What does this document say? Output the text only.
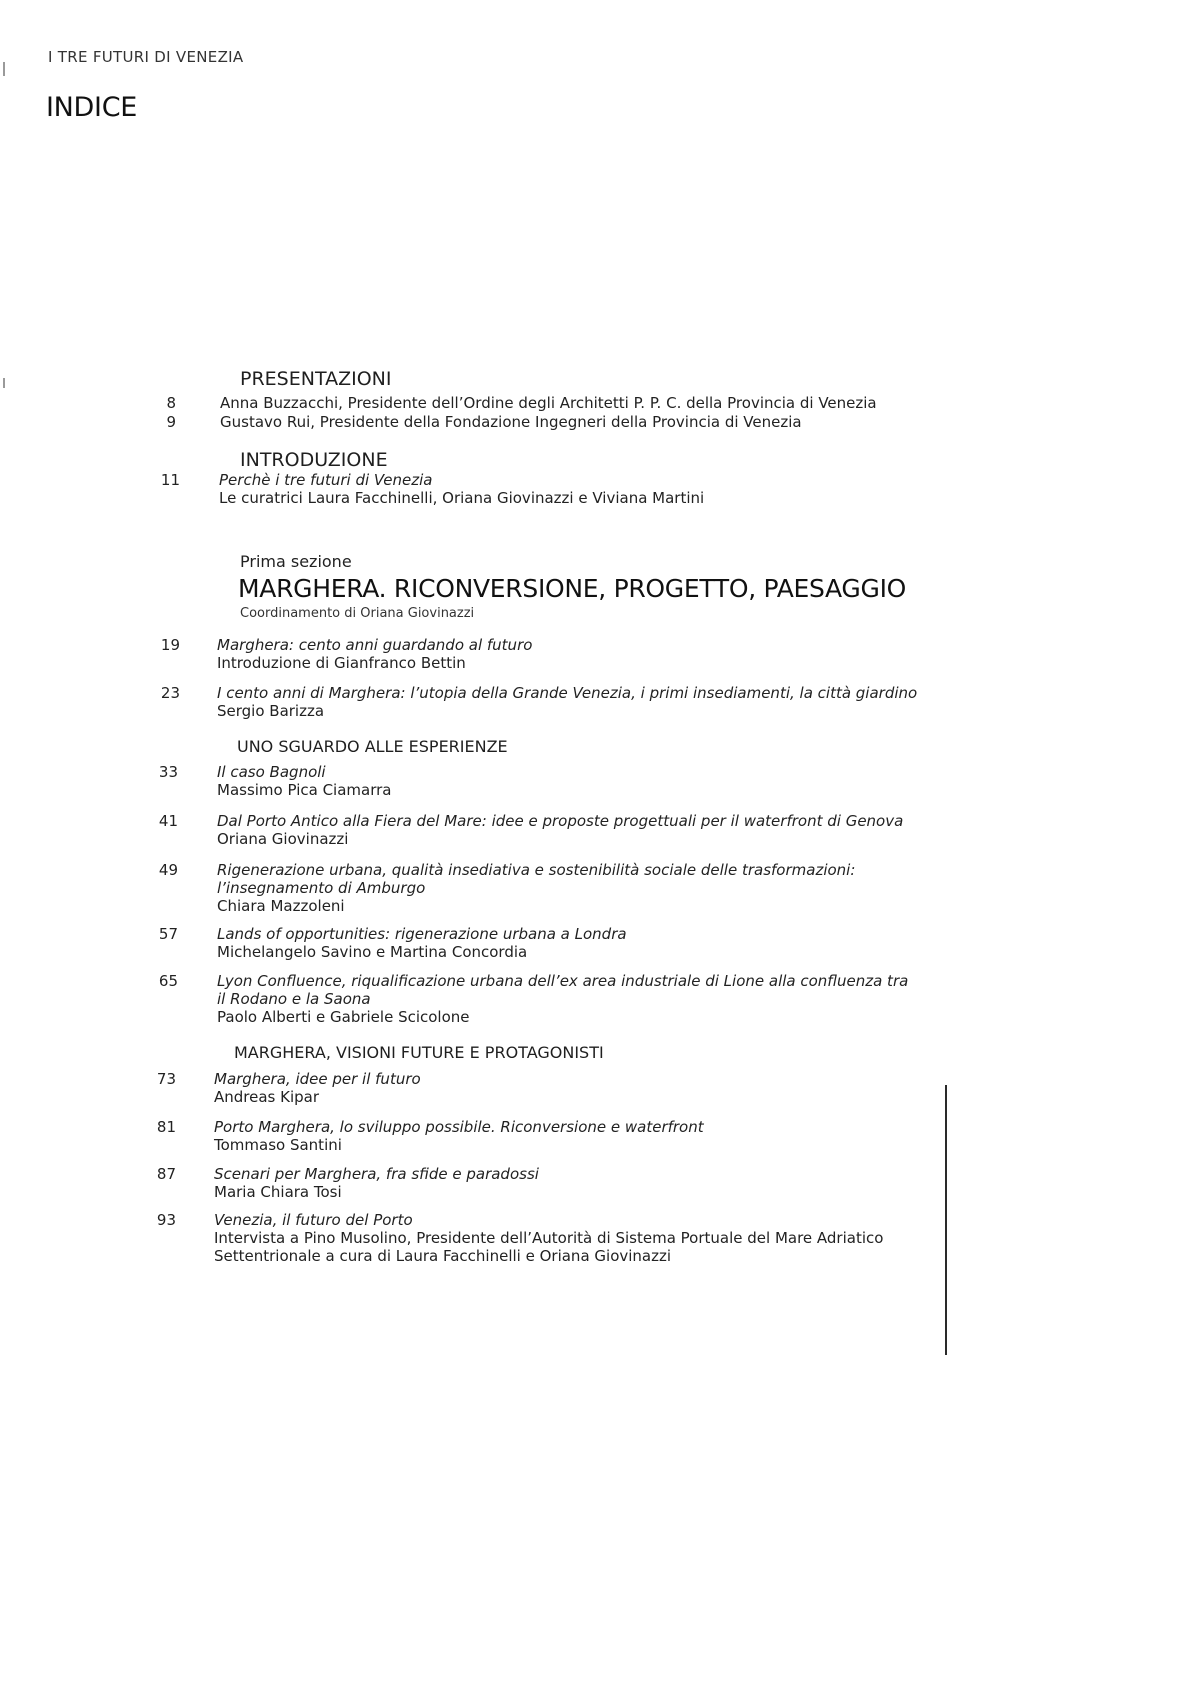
I TRE FUTURI DI VENEZIA
INDICE
PRESENTAZIONI
8	Anna Buzzacchi, Presidente dell’Ordine degli Architetti P. P. C. della Provincia di Venezia
9	Gustavo Rui, Presidente della Fondazione Ingegneri della Provincia di Venezia
INTRODUZIONE
11	Perchè i tre futuri di Venezia
Le curatrici Laura Facchinelli, Oriana Giovinazzi e Viviana Martini
Prima sezione
MARGHERA. RICONVERSIONE, PROGETTO, PAESAGGIO
Coordinamento di Oriana Giovinazzi
19 Marghera: cento anni guardando al futuro
Introduzione di Gianfranco Bettin
23 I cento anni di Marghera: l’utopia della Grande Venezia, i primi insediamenti, la città giardino
Sergio Barizza
UNO SGUARDO ALLE ESPERIENZE
33	Il caso Bagnoli
Massimo Pica Ciamarra
41	Dal Porto Antico alla Fiera del Mare: idee e proposte progettuali per il waterfront di Genova
Oriana Giovinazzi
49	Rigenerazione urbana, qualità insediativa e sostenibilità sociale delle trasformazioni:
l’insegnamento di Amburgo
Chiara Mazzoleni
57	Lands of opportunities: rigenerazione urbana a Londra
Michelangelo Savino e Martina Concordia
65	Lyon Confluence, riqualificazione urbana dell’ex area industriale di Lione alla confluenza tra
il Rodano e la Saona
Paolo Alberti e Gabriele Scicolone
MARGHERA, VISIONI FUTURE E PROTAGONISTI
73	Marghera, idee per il futuro
Andreas Kipar
81	Porto Marghera, lo sviluppo possibile. Riconversione e waterfront
Tommaso Santini
87	Scenari per Marghera, fra sfide e paradossi
Maria Chiara Tosi
93	Venezia, il futuro del Porto
Intervista a Pino Musolino, Presidente dell’Autorità di Sistema Portuale del Mare Adriatico
Settentrionale a cura di Laura Facchinelli e Oriana Giovinazzi
